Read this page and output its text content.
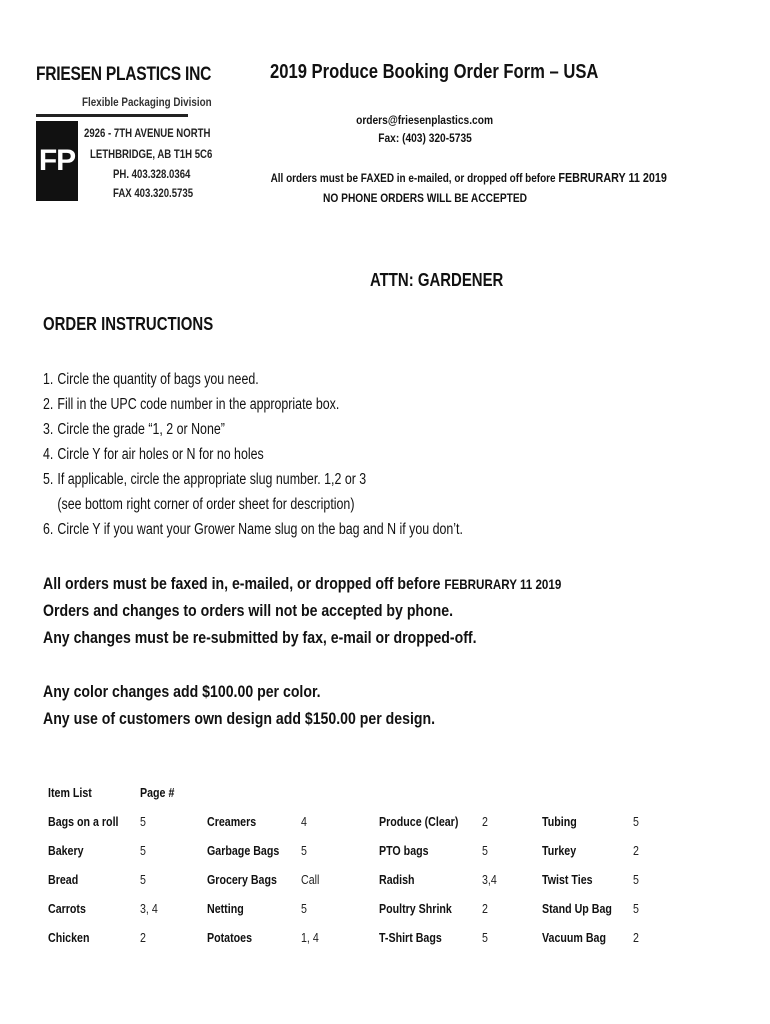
FRIESEN PLASTICS INC
Flexible Packaging Division
FP
2926 - 7TH AVENUE NORTH
LETHBRIDGE, AB T1H 5C6
PH. 403.328.0364
FAX 403.320.5735
2019 Produce Booking Order Form – USA
orders@friesenplastics.com
Fax: (403) 320-5735
All orders must be FAXED in e-mailed, or dropped off before FEBRURARY 11 2019
NO PHONE ORDERS WILL BE ACCEPTED
ATTN: GARDENER
ORDER INSTRUCTIONS
1. Circle the quantity of bags you need.
2. Fill in the UPC code number in the appropriate box.
3. Circle the grade “1, 2 or None”
4. Circle Y for air holes or N for no holes
5. If applicable, circle the appropriate slug number. 1,2 or 3
(see bottom right corner of order sheet for description)
6. Circle Y if you want your Grower Name slug on the bag and N if you don’t.
All orders must be faxed in, e-mailed, or dropped off before FEBRURARY 11 2019
Orders and changes to orders will not be accepted by phone.
Any changes must be re-submitted by fax, e-mail or dropped-off.
Any color changes add $100.00 per color.
Any use of customers own design add $150.00 per design.
Item List	Page #						
Bags on a roll	5	Creamers	4	Produce (Clear)	2	Tubing	5
Bakery	5	Garbage Bags	5	PTO bags	5	Turkey	2
Bread	5	Grocery Bags	Call	Radish	3,4	Twist Ties	5
Carrots	3, 4	Netting	5	Poultry Shrink	2	Stand Up Bag	5
Chicken	2	Potatoes	1, 4	T-Shirt Bags	5	Vacuum Bag	2
